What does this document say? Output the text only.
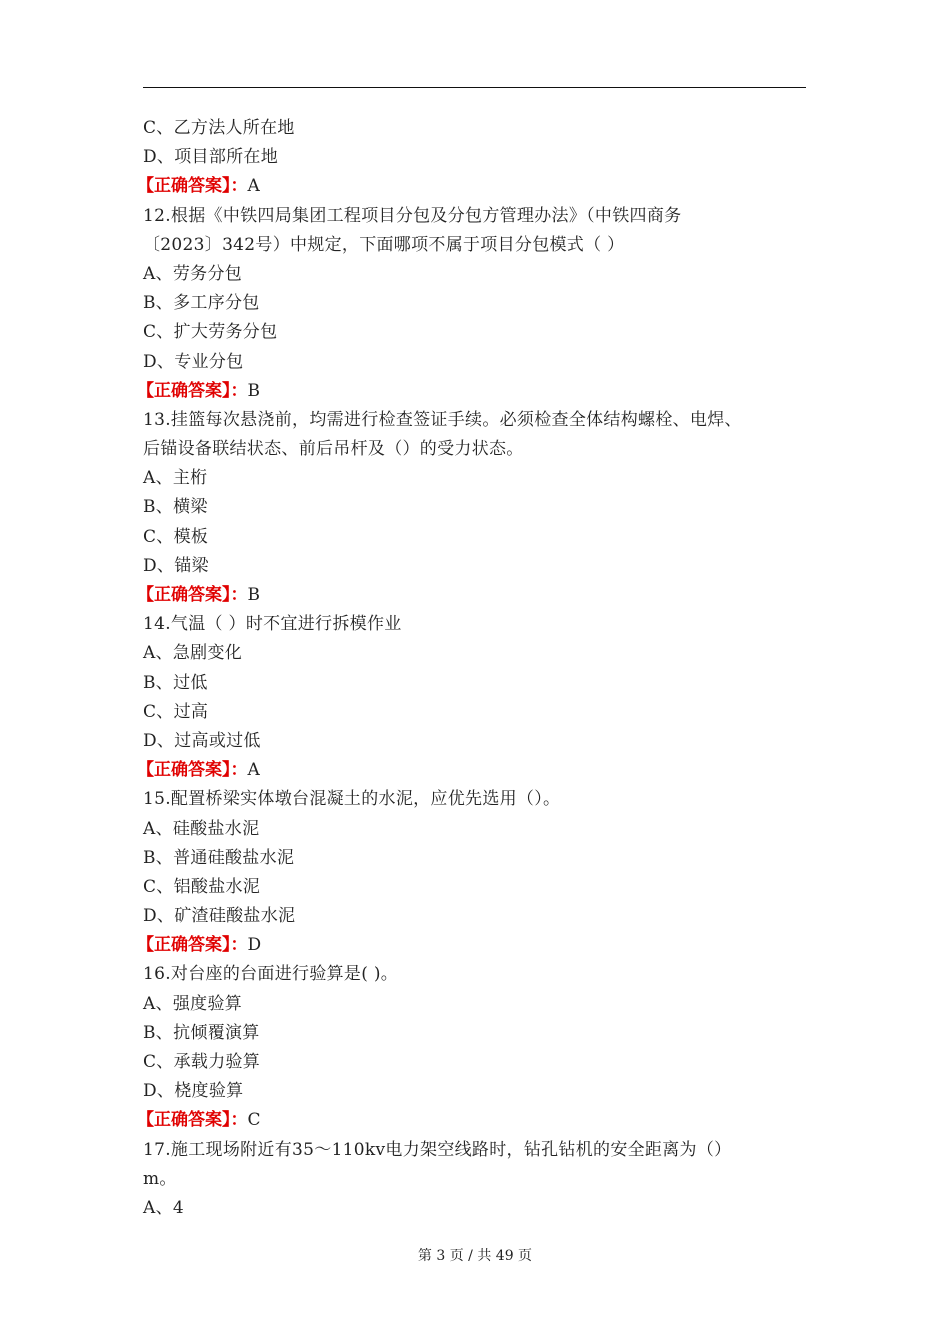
C、乙方法人所在地
D、项目部所在地
【正确答案】：A
12.根据《中铁四局集团工程项目分包及分包方管理办法》（中铁四商务
〔2023〕342号）中规定，下面哪项不属于项目分包模式（ ）
A、劳务分包
B、多工序分包
C、扩大劳务分包
D、专业分包
【正确答案】：B
13.挂篮每次悬浇前，均需进行检查签证手续。必须检查全体结构螺栓、电焊、
后锚设备联结状态、前后吊杆及（）的受力状态。
A、主桁
B、横梁
C、模板
D、锚梁
【正确答案】：B
14.气温（ ）时不宜进行拆模作业
A、急剧变化
B、过低
C、过高
D、过高或过低
【正确答案】：A
15.配置桥梁实体墩台混凝土的水泥，应优先选用（）。
A、硅酸盐水泥
B、普通硅酸盐水泥
C、铝酸盐水泥
D、矿渣硅酸盐水泥
【正确答案】：D
16.对台座的台面进行验算是( )。
A、强度验算
B、抗倾覆演算
C、承载力验算
D、桡度验算
【正确答案】：C
17.施工现场附近有35～110kv电力架空线路时，钻孔钻机的安全距离为（）
m。
A、4
第 3 页 / 共 49 页
